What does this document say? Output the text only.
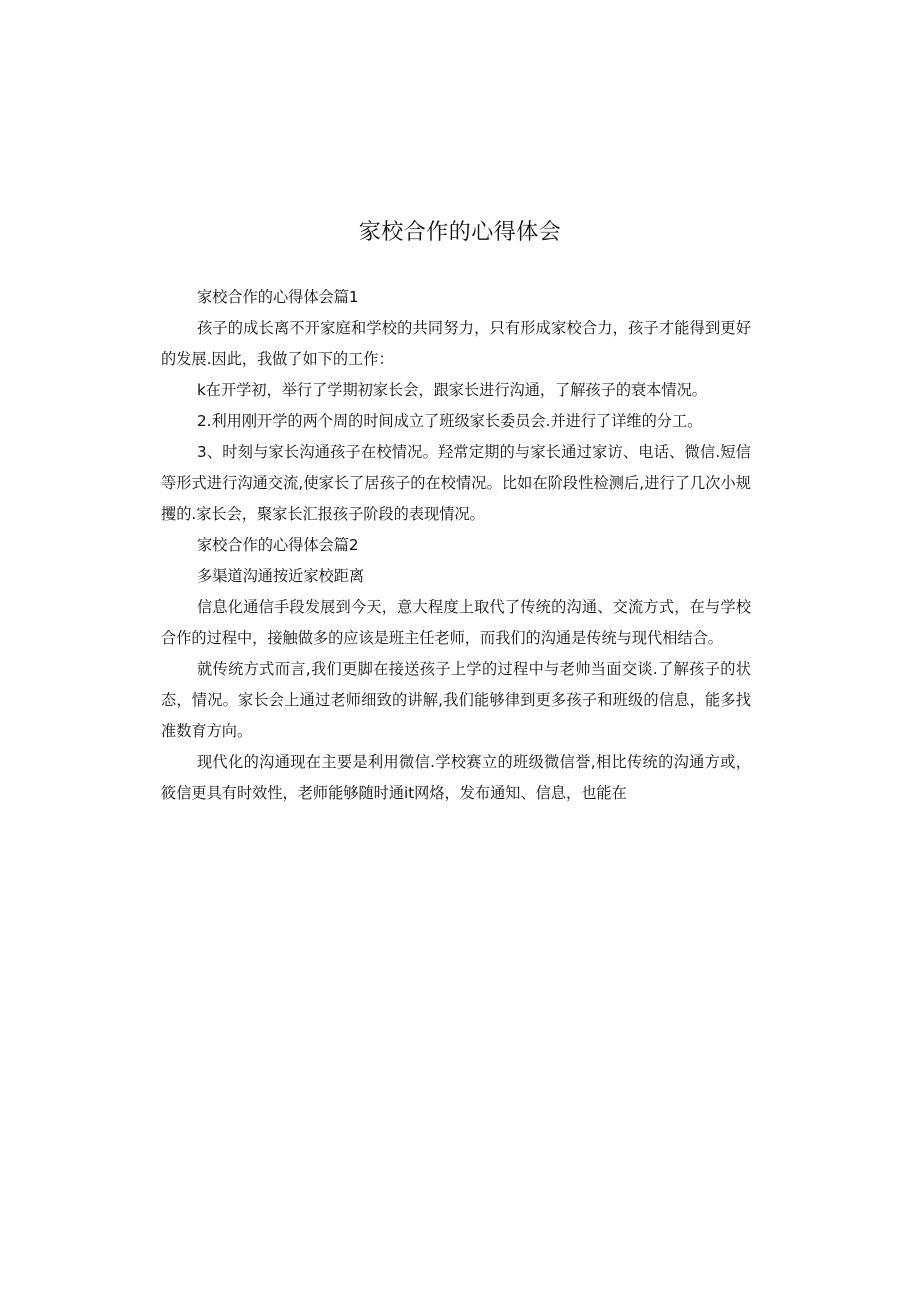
家校合作的心得体会

家校合作的心得体会篇1

孩子的成长离不开家庭和学校的共同努力，只有形成家校合力，孩子才能得到更好的发展.因此，我做了如下的工作：

k在开学初，举行了学期初家长会，跟家长进行沟通，了解孩子的衰本情况。

2.利用刚开学的两个周的时间成立了班级家长委员会.并进行了详维的分工。

3、时刻与家长沟通孩子在校情况。羟常定期的与家长通过家访、电话、微信.短信等形式进行沟通交流,使家长了居孩子的在校情况。比如在阶段性检测后,进行了几次小规攫的.家长会，聚家长汇报孩子阶段的表现情况。

家校合作的心得体会篇2

多渠道沟通按近家校距离

信息化通信手段发展到今天，意大程度上取代了传统的沟通、交流方式，在与学校合作的过程中，接触做多的应该是班主任老师，而我们的沟通是传统与现代相结合。

就传统方式而言,我们更脚在接送孩子上学的过程中与老帅当面交谈.了解孩子的状态，情况。家长会上通过老师细致的讲解,我们能够律到更多孩子和班级的信息，能多找准数育方向。

现代化的沟通现在主要是利用微信.学校赛立的班级微信誉,相比传统的沟通方或，筱信更具有时效性，老师能够随时通it网烙，发布通知、信息，也能在
